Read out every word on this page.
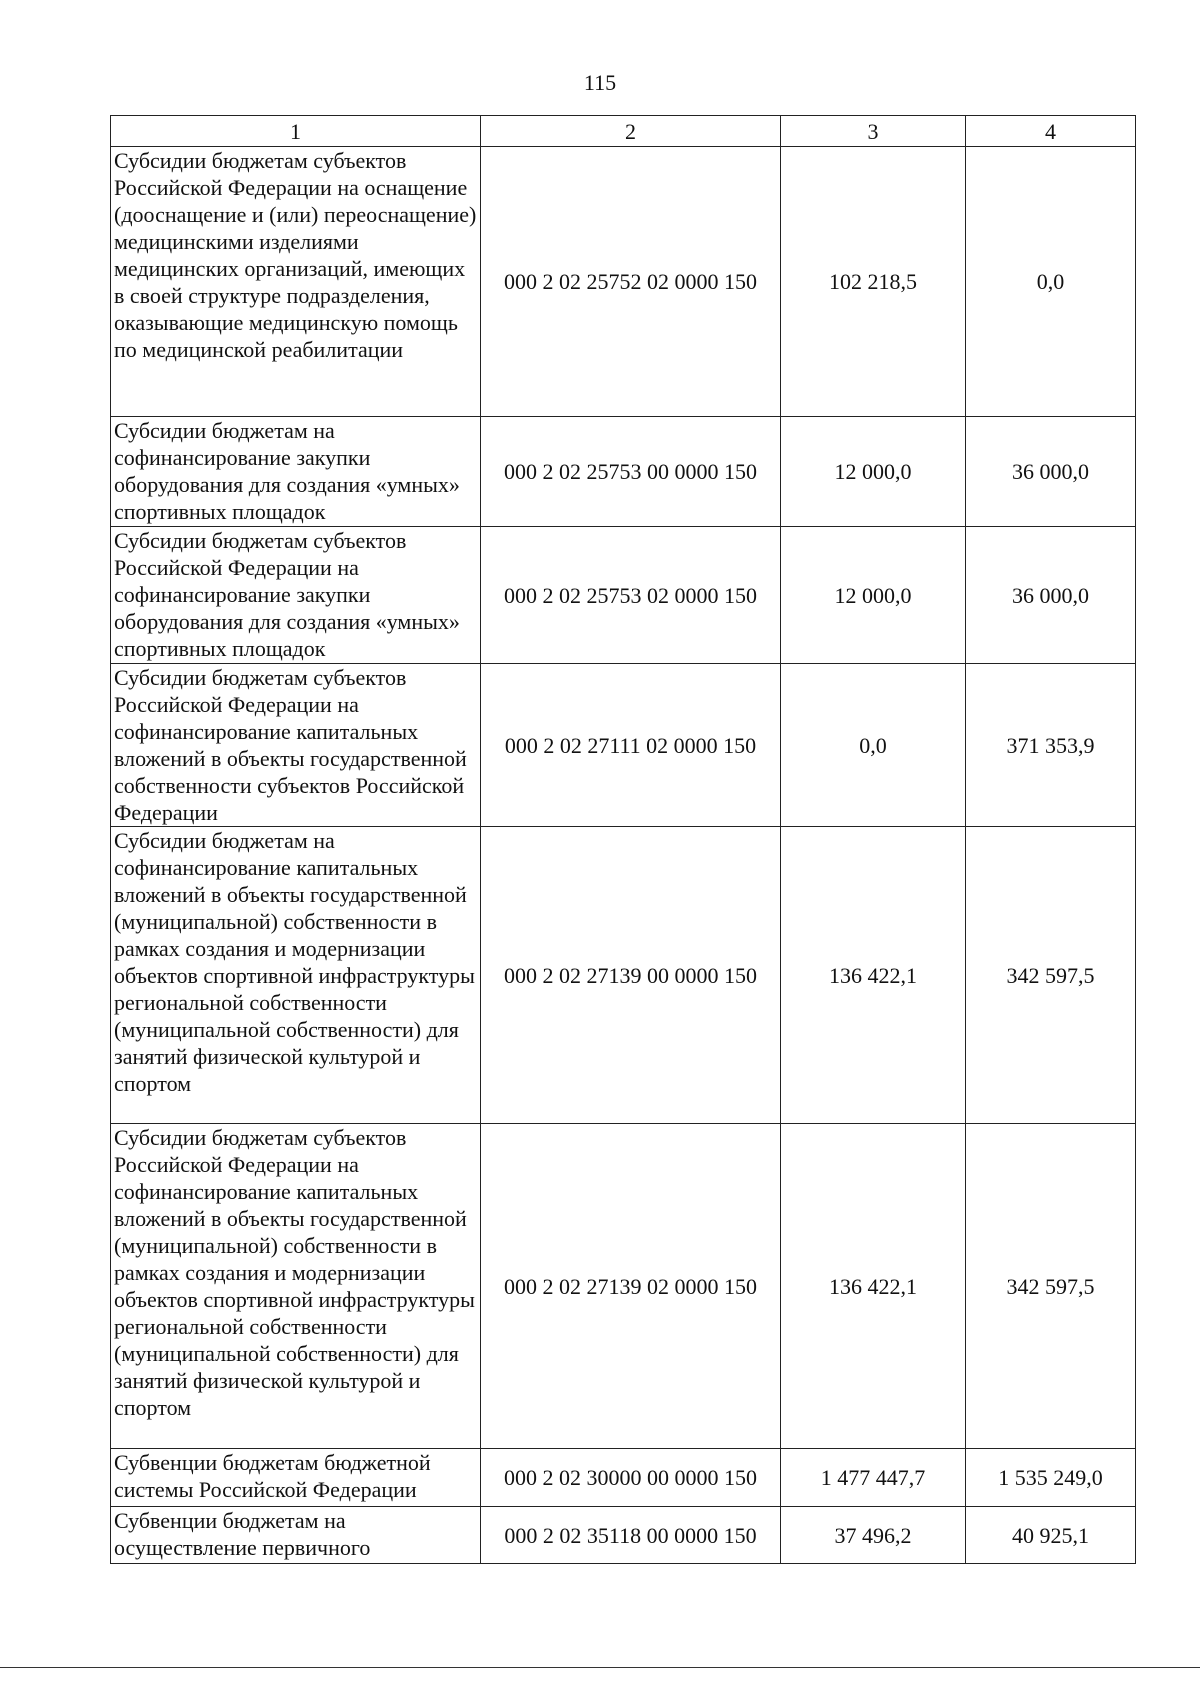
115
1	2	3	4
Субсидии бюджетам субъектов Российской Федерации на оснащение (дооснащение и (или) переоснащение) медицинскими изделиями медицинских организаций, имеющих в своей структуре подразделения, оказывающие медицинскую помощь по медицинской реабилитации	000 2 02 25752 02 0000 150	102 218,5	0,0
Субсидии бюджетам на софинансирование закупки оборудования для создания «умных» спортивных площадок	000 2 02 25753 00 0000 150	12 000,0	36 000,0
Субсидии бюджетам субъектов Российской Федерации на софинансирование закупки оборудования для создания «умных» спортивных площадок	000 2 02 25753 02 0000 150	12 000,0	36 000,0
Субсидии бюджетам субъектов Российской Федерации на софинансирование капитальных вложений в объекты государственной собственности субъектов Российской Федерации	000 2 02 27111 02 0000 150	0,0	371 353,9
Субсидии бюджетам на софинансирование капитальных вложений в объекты государственной (муниципальной) собственности в рамках создания и модернизации объектов спортивной инфраструктуры региональной собственности (муниципальной собственности) для занятий физической культурой и спортом	000 2 02 27139 00 0000 150	136 422,1	342 597,5
Субсидии бюджетам субъектов Российской Федерации на софинансирование капитальных вложений в объекты государственной (муниципальной) собственности в рамках создания и модернизации объектов спортивной инфраструктуры региональной собственности (муниципальной собственности) для занятий физической культурой и спортом	000 2 02 27139 02 0000 150	136 422,1	342 597,5
Субвенции бюджетам бюджетной системы Российской Федерации	000 2 02 30000 00 0000 150	1 477 447,7	1 535 249,0
Субвенции бюджетам на осуществление первичного	000 2 02 35118 00 0000 150	37 496,2	40 925,1
